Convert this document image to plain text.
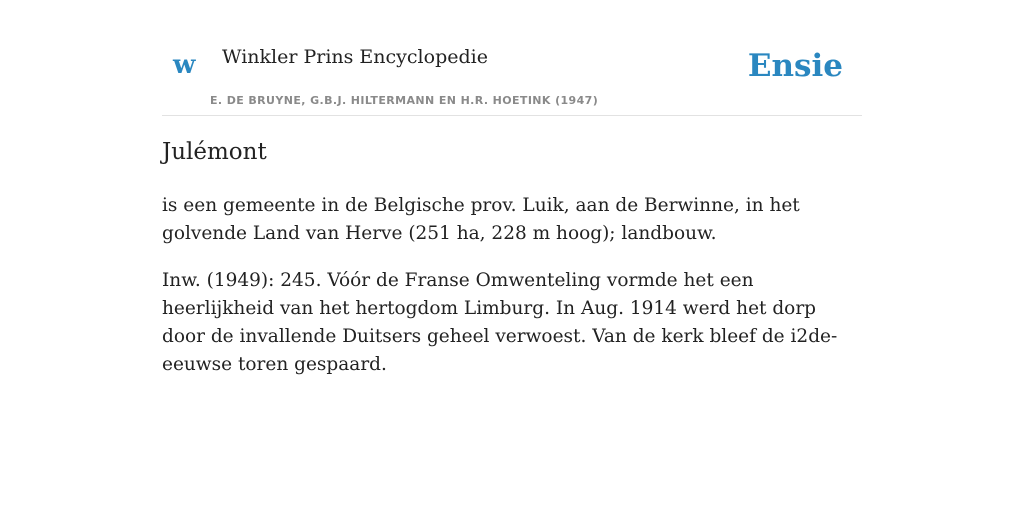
w Winkler Prins Encyclopedie
E. DE BRUYNE, G.B.J. HILTERMANN EN H.R. HOETINK (1947)
Ensie
Julémont

is een gemeente in de Belgische prov. Luik, aan de Berwinne, in het golvende Land van Herve (251 ha, 228 m hoog); landbouw.

Inw. (1949): 245. Vóór de Franse Omwenteling vormde het een heerlijkheid van het hertogdom Limburg. In Aug. 1914 werd het dorp door de invallende Duitsers geheel verwoest. Van de kerk bleef de i2de-eeuwse toren gespaard.
